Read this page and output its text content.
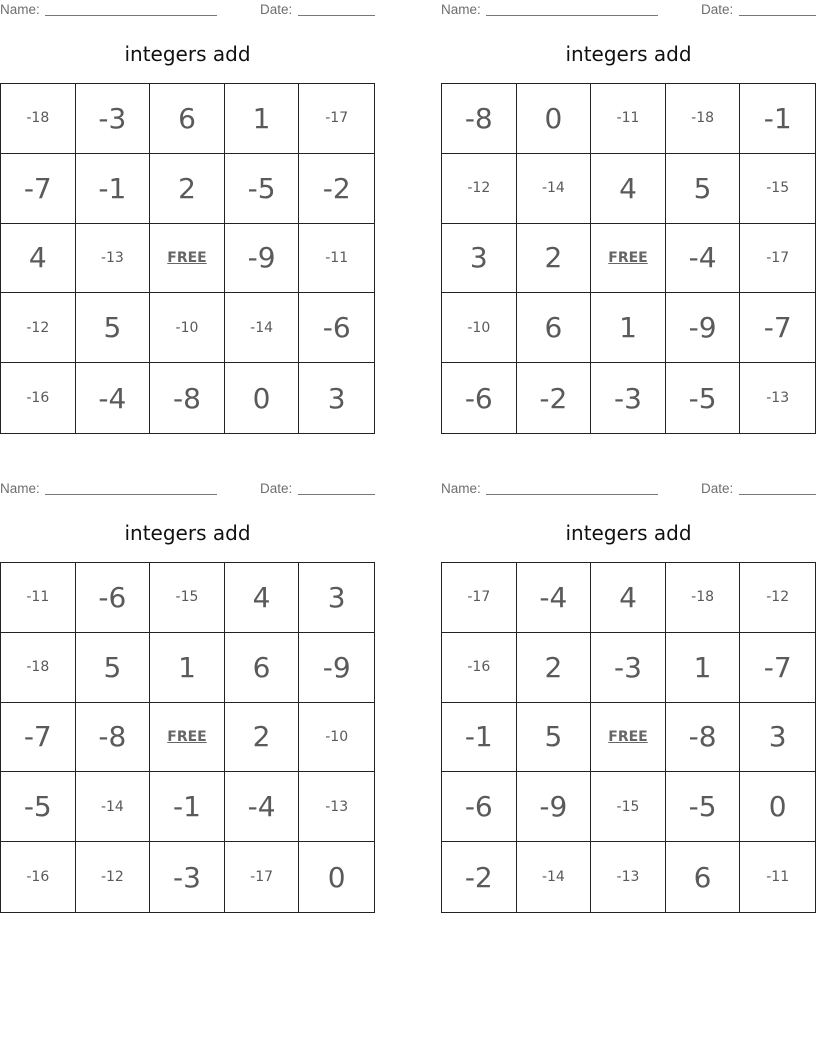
Name:	Date:
integers add
-18	-3	6	1	-17
-7	-1	2	-5	-2
4	-13	FREE	-9	-11
-12	5	-10	-14	-6
-16	-4	-8	0	3
Name:	Date:
integers add
-8	0	-11	-18	-1
-12	-14	4	5	-15
3	2	FREE	-4	-17
-10	6	1	-9	-7
-6	-2	-3	-5	-13
Name:	Date:
integers add
-11	-6	-15	4	3
-18	5	1	6	-9
-7	-8	FREE	2	-10
-5	-14	-1	-4	-13
-16	-12	-3	-17	0
Name:	Date:
integers add
-17	-4	4	-18	-12
-16	2	-3	1	-7
-1	5	FREE	-8	3
-6	-9	-15	-5	0
-2	-14	-13	6	-11
